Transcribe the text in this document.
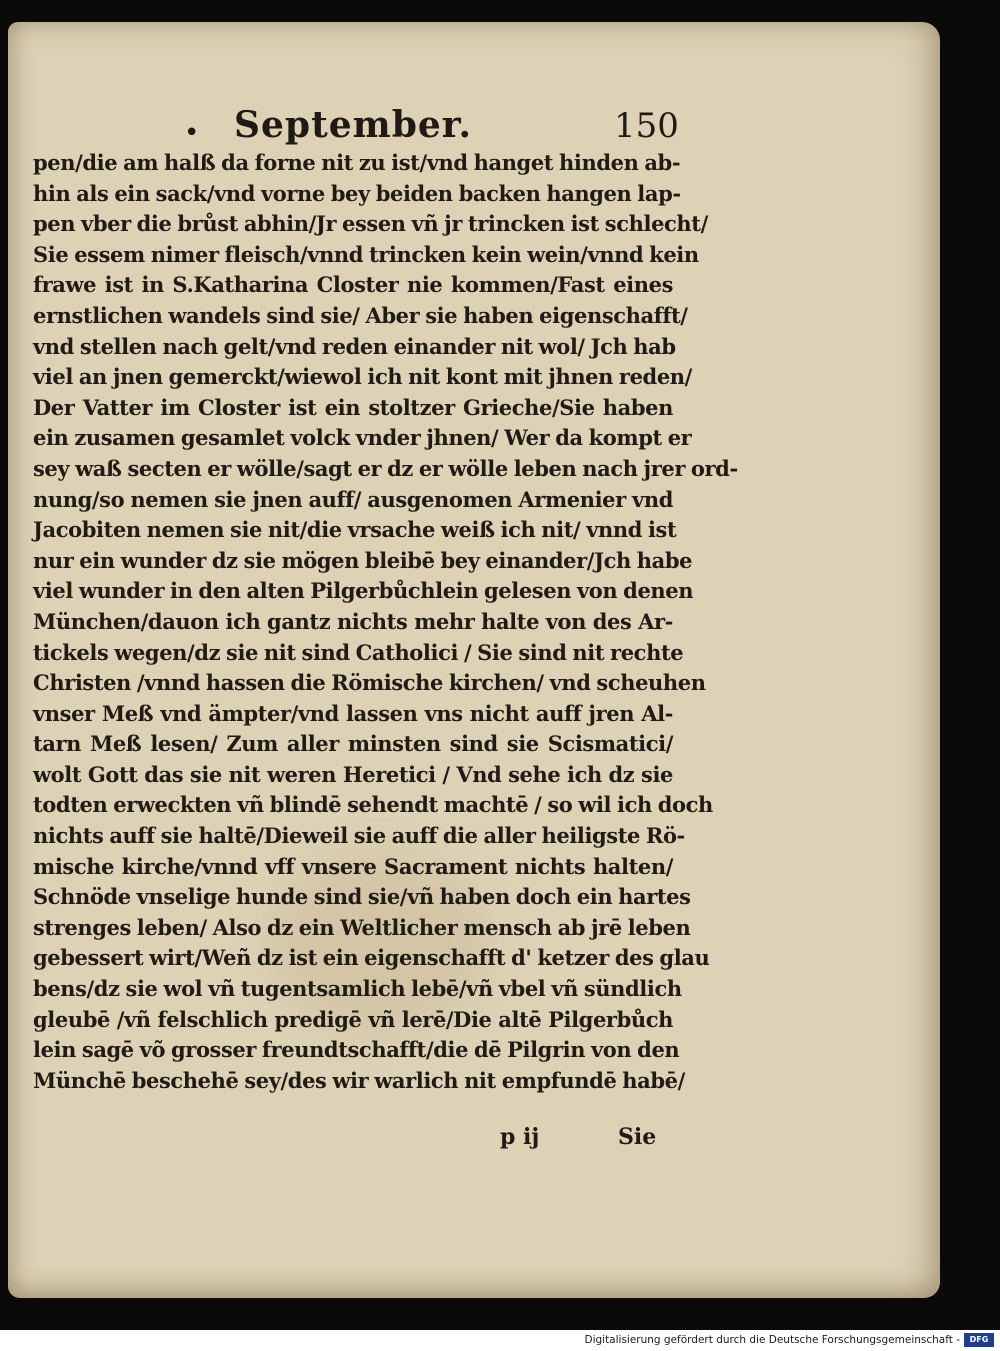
• September.	150
pen/die am halß da forne nit zu ist/vnd hanget hinden ab-
hin als ein sack/vnd vorne bey beiden backen hangen lap-
pen vber die brůst abhin/Jr essen vñ jr trincken ist schlecht/
Sie essem nimer fleisch/vnnd trincken kein wein/vnnd kein
frawe ist in S.Katharina Closter nie kommen/Fast eines
ernstlichen wandels sind sie/ Aber sie haben eigenschafft/
vnd stellen nach gelt/vnd reden einander nit wol/ Jch hab
viel an jnen gemerckt/wiewol ich nit kont mit jhnen reden/
Der Vatter im Closter ist ein stoltzer Grieche/Sie haben
ein zusamen gesamlet volck vnder jhnen/ Wer da kompt er
sey waß secten er wölle/sagt er dz er wölle leben nach jrer ord-
nung/so nemen sie jnen auff/ ausgenomen Armenier vnd
Jacobiten nemen sie nit/die vrsache weiß ich nit/ vnnd ist
nur ein wunder dz sie mögen bleibē bey einander/Jch habe
viel wunder in den alten Pilgerbůchlein gelesen von denen
München/dauon ich gantz nichts mehr halte von des Ar-
tickels wegen/dz sie nit sind Catholici / Sie sind nit rechte
Christen /vnnd hassen die Römische kirchen/ vnd scheuhen
vnser Meß vnd ämpter/vnd lassen vns nicht auff jren Al-
tarn Meß lesen/ Zum aller minsten sind sie Scismatici/
wolt Gott das sie nit weren Heretici / Vnd sehe ich dz sie
todten erweckten vñ blindē sehendt machtē / so wil ich doch
nichts auff sie haltē/Dieweil sie auff die aller heiligste Rö-
mische kirche/vnnd vff vnsere Sacrament nichts halten/
Schnöde vnselige hunde sind sie/vñ haben doch ein hartes
strenges leben/ Also dz ein Weltlicher mensch ab jrē leben
gebessert wirt/Weñ dz ist ein eigenschafft d' ketzer des glau
bens/dz sie wol vñ tugentsamlich lebē/vñ vbel vñ sündlich
gleubē /vñ felschlich predigē vñ lerē/Die altē Pilgerbůch
lein sagē võ grosser freundtschafft/die dē Pilgrin von den
Münchē beschehē sey/des wir warlich nit empfundē habē/
p ij	Sie
Digitalisierung gefördert durch die Deutsche Forschungsgemeinschaft -	DFG
